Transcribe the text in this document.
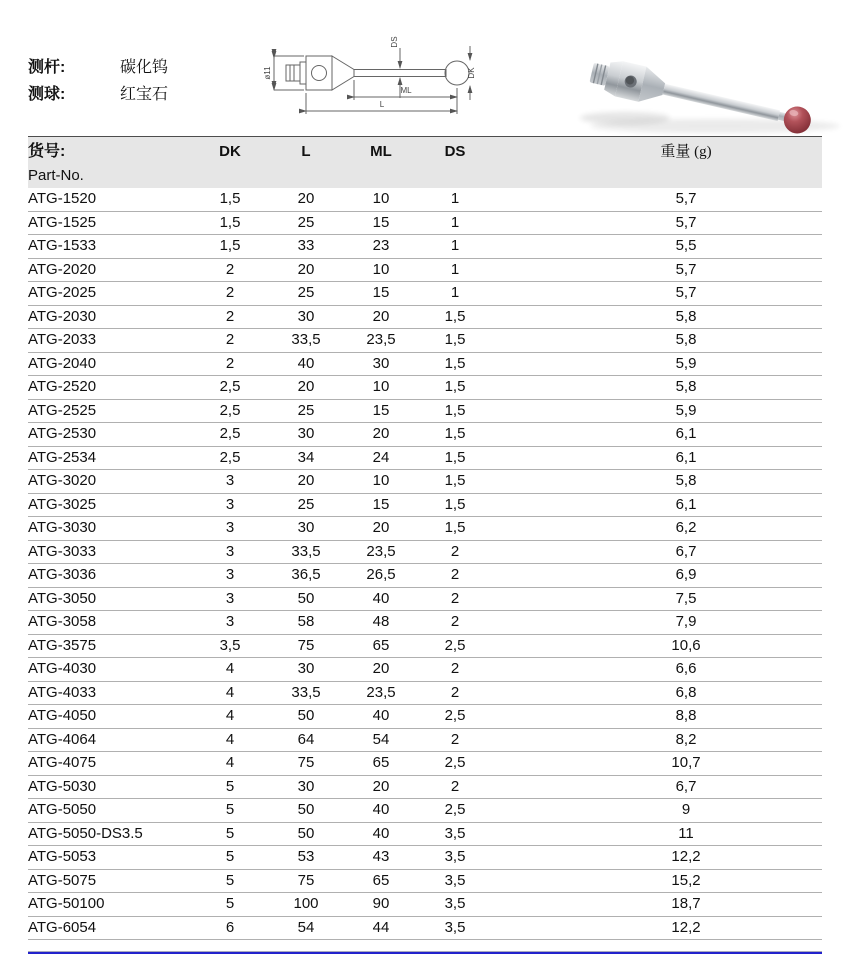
测杆:	碳化钨
测球:	红宝石
ø11
DS
DK
ML
L
货号:
Part-No.
DK	L	ML	DS	重量 (g)
ATG-1520	1,5	20	10	1	5,7
ATG-1525	1,5	25	15	1	5,7
ATG-1533	1,5	33	23	1	5,5
ATG-2020	2	20	10	1	5,7
ATG-2025	2	25	15	1	5,7
ATG-2030	2	30	20	1,5	5,8
ATG-2033	2	33,5	23,5	1,5	5,8
ATG-2040	2	40	30	1,5	5,9
ATG-2520	2,5	20	10	1,5	5,8
ATG-2525	2,5	25	15	1,5	5,9
ATG-2530	2,5	30	20	1,5	6,1
ATG-2534	2,5	34	24	1,5	6,1
ATG-3020	3	20	10	1,5	5,8
ATG-3025	3	25	15	1,5	6,1
ATG-3030	3	30	20	1,5	6,2
ATG-3033	3	33,5	23,5	2	6,7
ATG-3036	3	36,5	26,5	2	6,9
ATG-3050	3	50	40	2	7,5
ATG-3058	3	58	48	2	7,9
ATG-3575	3,5	75	65	2,5	10,6
ATG-4030	4	30	20	2	6,6
ATG-4033	4	33,5	23,5	2	6,8
ATG-4050	4	50	40	2,5	8,8
ATG-4064	4	64	54	2	8,2
ATG-4075	4	75	65	2,5	10,7
ATG-5030	5	30	20	2	6,7
ATG-5050	5	50	40	2,5	9
ATG-5050-DS3.5	5	50	40	3,5	11
ATG-5053	5	53	43	3,5	12,2
ATG-5075	5	75	65	3,5	15,2
ATG-50100	5	100	90	3,5	18,7
ATG-6054	6	54	44	3,5	12,2
